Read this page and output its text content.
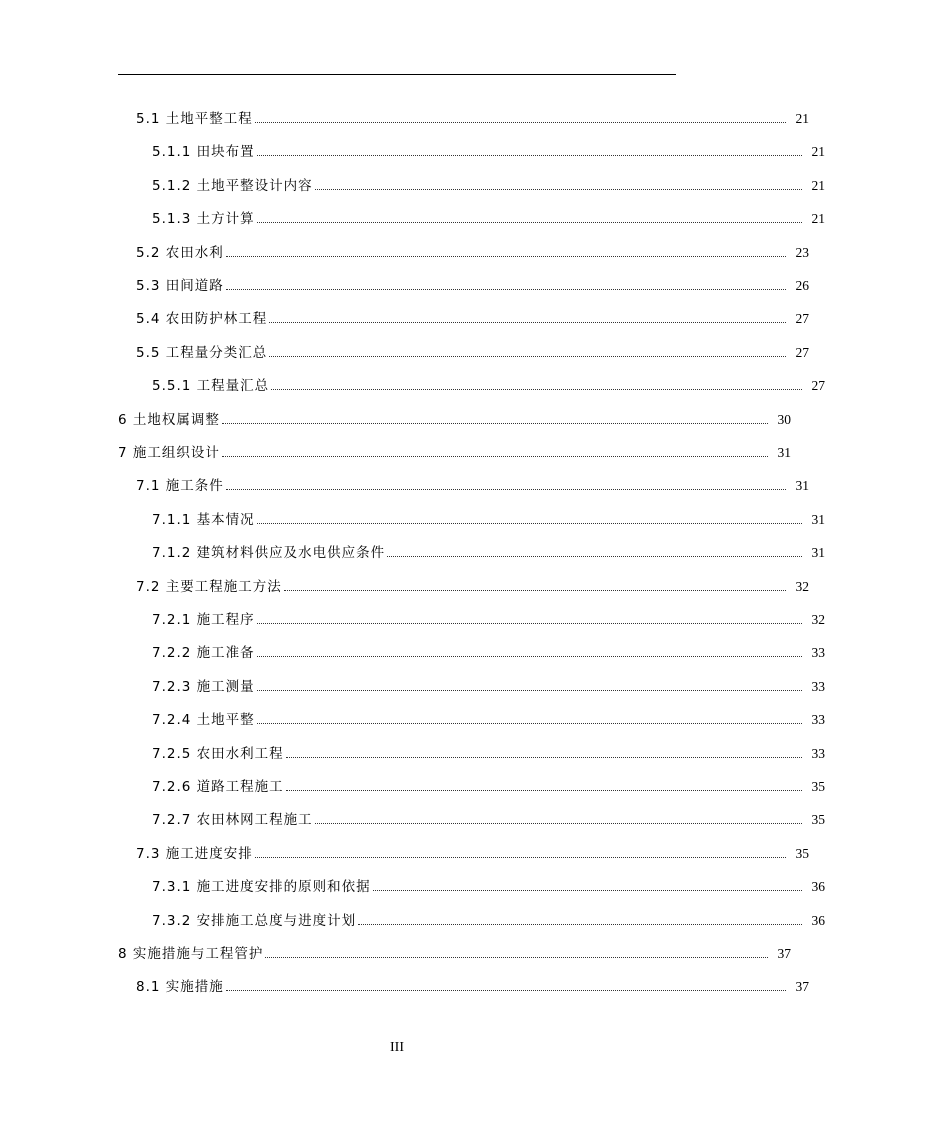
5.1 土地平整工程	21
5.1.1 田块布置	21
5.1.2 土地平整设计内容	21
5.1.3 土方计算	21
5.2 农田水利	23
5.3 田间道路	26
5.4 农田防护林工程	27
5.5 工程量分类汇总	27
5.5.1 工程量汇总	27
6 土地权属调整	30
7 施工组织设计	31
7.1 施工条件	31
7.1.1 基本情况	31
7.1.2 建筑材料供应及水电供应条件	31
7.2 主要工程施工方法	32
7.2.1 施工程序	32
7.2.2 施工准备	33
7.2.3 施工测量	33
7.2.4 土地平整	33
7.2.5 农田水利工程	33
7.2.6 道路工程施工	35
7.2.7 农田林网工程施工	35
7.3 施工进度安排	35
7.3.1 施工进度安排的原则和依据	36
7.3.2 安排施工总度与进度计划	36
8 实施措施与工程管护	37
8.1 实施措施	37
III
